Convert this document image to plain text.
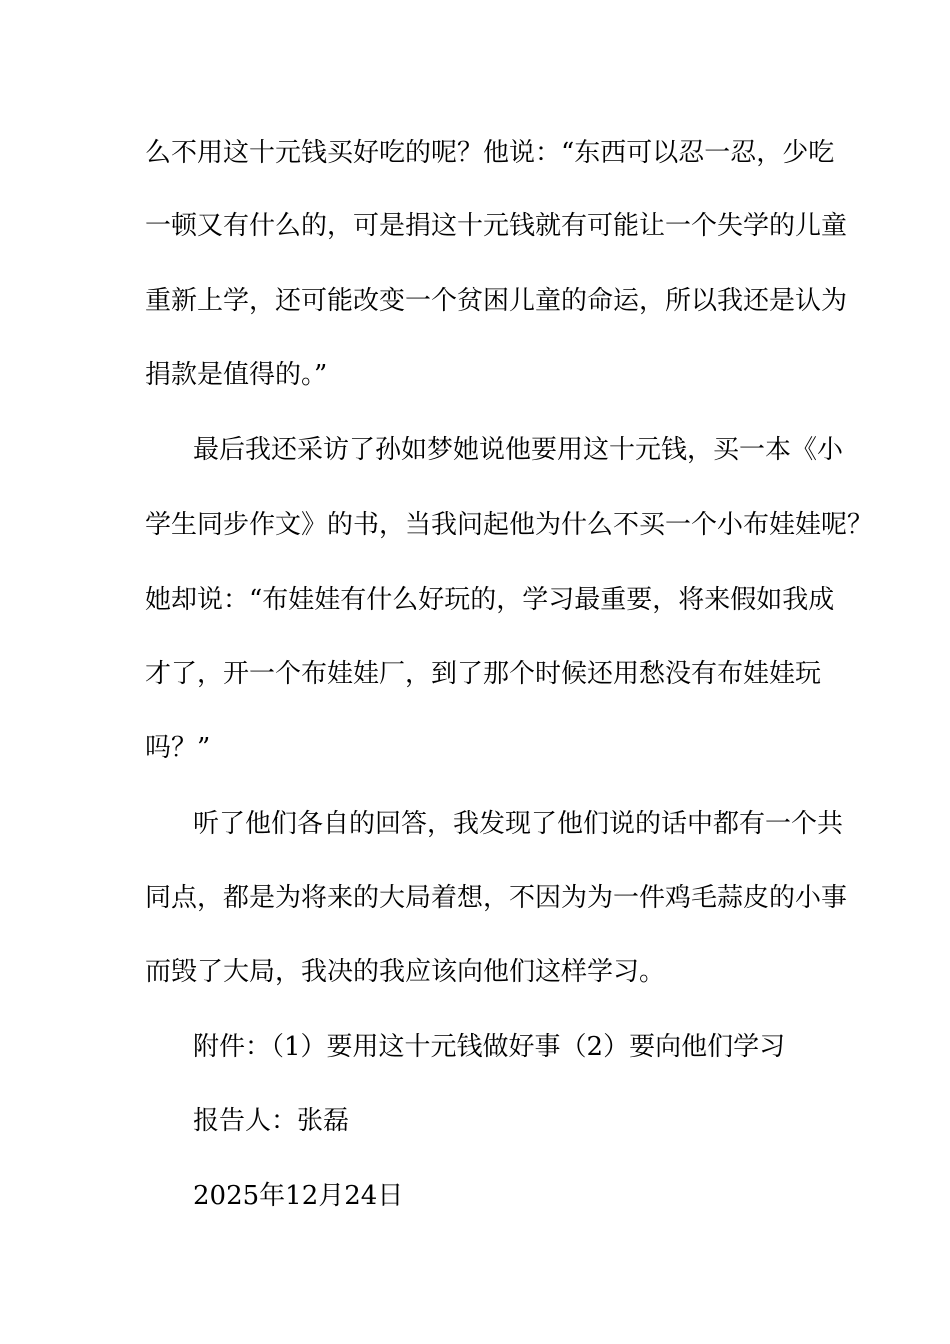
么不用这十元钱买好吃的呢？他说：“东西可以忍一忍，少吃
一顿又有什么的，可是捐这十元钱就有可能让一个失学的儿童
重新上学，还可能改变一个贫困儿童的命运，所以我还是认为
捐款是值得的。”
最后我还采访了孙如梦她说他要用这十元钱，买一本《小
学生同步作文》的书，当我问起他为什么不买一个小布娃娃呢？
她却说：“布娃娃有什么好玩的，学习最重要，将来假如我成
才了，开一个布娃娃厂，到了那个时候还用愁没有布娃娃玩
吗？”
听了他们各自的回答，我发现了他们说的话中都有一个共
同点，都是为将来的大局着想，不因为为一件鸡毛蒜皮的小事
而毁了大局，我决的我应该向他们这样学习。
附件：（1）要用这十元钱做好事（2）要向他们学习
报告人：张磊
2025年12月24日
